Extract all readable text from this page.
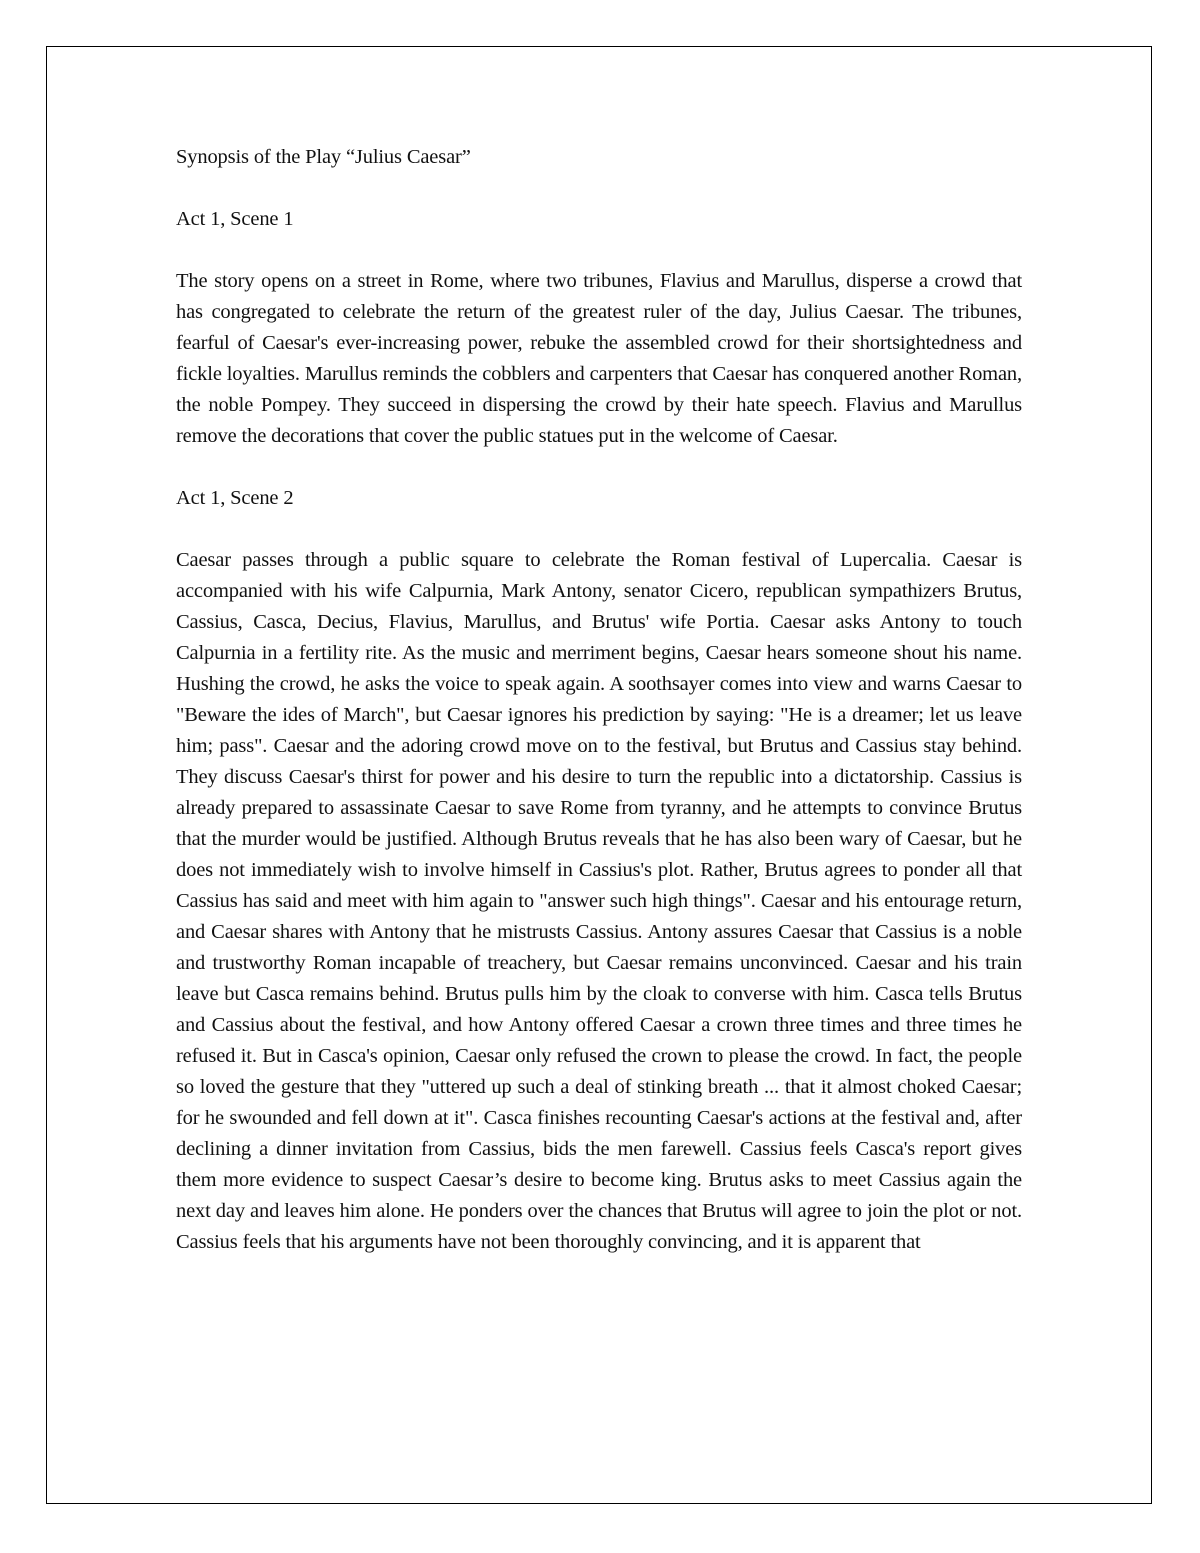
Synopsis of the Play “Julius Caesar”

Act 1, Scene 1

The story opens on a street in Rome, where two tribunes, Flavius and Marullus, disperse a crowd that has congregated to celebrate the return of the greatest ruler of the day, Julius Caesar. The tribunes, fearful of Caesar's ever-increasing power, rebuke the assembled crowd for their shortsightedness and fickle loyalties. Marullus reminds the cobblers and carpenters that Caesar has conquered another Roman, the noble Pompey. They succeed in dispersing the crowd by their hate speech. Flavius and Marullus remove the decorations that cover the public statues put in the welcome of Caesar.

Act 1, Scene 2

Caesar passes through a public square to celebrate the Roman festival of Lupercalia. Caesar is accompanied with his wife Calpurnia, Mark Antony, senator Cicero, republican sympathizers Brutus, Cassius, Casca, Decius, Flavius, Marullus, and Brutus' wife Portia. Caesar asks Antony to touch Calpurnia in a fertility rite. As the music and merriment begins, Caesar hears someone shout his name. Hushing the crowd, he asks the voice to speak again. A soothsayer comes into view and warns Caesar to "Beware the ides of March", but Caesar ignores his prediction by saying: "He is a dreamer; let us leave him; pass". Caesar and the adoring crowd move on to the festival, but Brutus and Cassius stay behind. They discuss Caesar's thirst for power and his desire to turn the republic into a dictatorship. Cassius is already prepared to assassinate Caesar to save Rome from tyranny, and he attempts to convince Brutus that the murder would be justified. Although Brutus reveals that he has also been wary of Caesar, but he does not immediately wish to involve himself in Cassius's plot. Rather, Brutus agrees to ponder all that Cassius has said and meet with him again to "answer such high things". Caesar and his entourage return, and Caesar shares with Antony that he mistrusts Cassius. Antony assures Caesar that Cassius is a noble and trustworthy Roman incapable of treachery, but Caesar remains unconvinced. Caesar and his train leave but Casca remains behind. Brutus pulls him by the cloak to converse with him. Casca tells Brutus and Cassius about the festival, and how Antony offered Caesar a crown three times and three times he refused it. But in Casca's opinion, Caesar only refused the crown to please the crowd. In fact, the people so loved the gesture that they "uttered up such a deal of stinking breath ... that it almost choked Caesar; for he swounded and fell down at it". Casca finishes recounting Caesar's actions at the festival and, after declining a dinner invitation from Cassius, bids the men farewell. Cassius feels Casca's report gives them more evidence to suspect Caesar’s desire to become king. Brutus asks to meet Cassius again the next day and leaves him alone. He ponders over the chances that Brutus will agree to join the plot or not. Cassius feels that his arguments have not been thoroughly convincing, and it is apparent that
